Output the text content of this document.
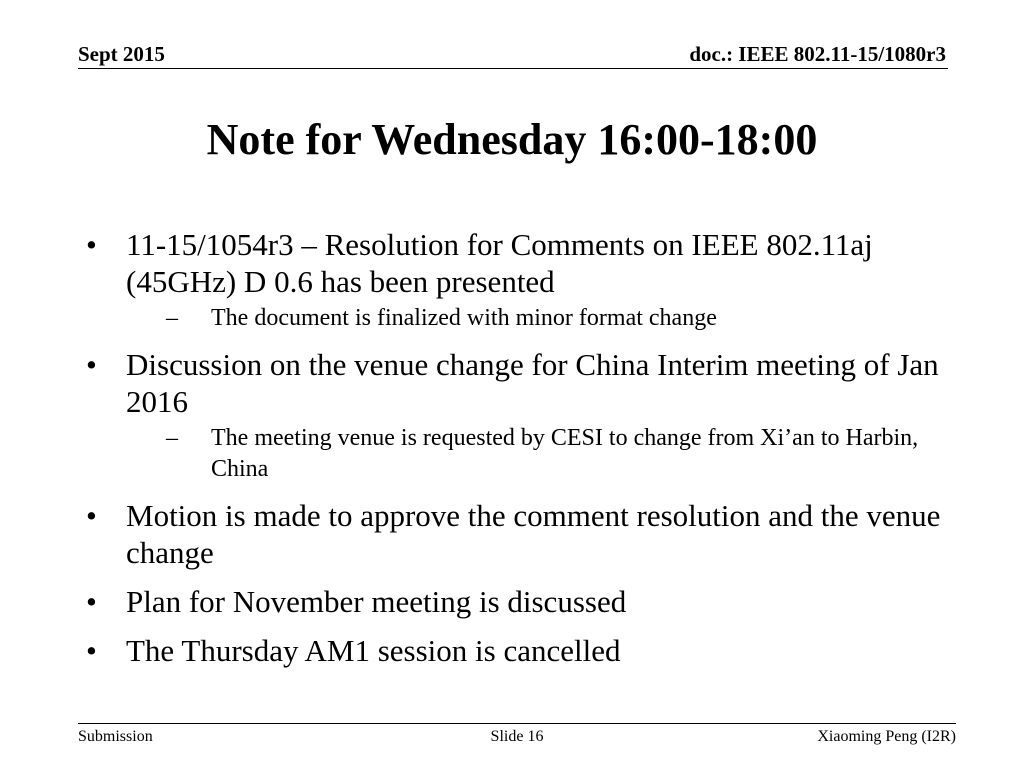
Sept 2015	doc.: IEEE 802.11-15/1080r3
Note for Wednesday 16:00-18:00
• 11-15/1054r3 – Resolution for Comments on IEEE 802.11aj (45GHz) D 0.6 has been presented
– The document is finalized with minor format change
• Discussion on the venue change for China Interim meeting of Jan 2016
– The meeting venue is requested by CESI to change from Xi’an to Harbin, China
• Motion is made to approve the comment resolution and the venue change
• Plan for November meeting is discussed
• The Thursday AM1 session is cancelled
Submission	Slide 16	Xiaoming Peng (I2R)
